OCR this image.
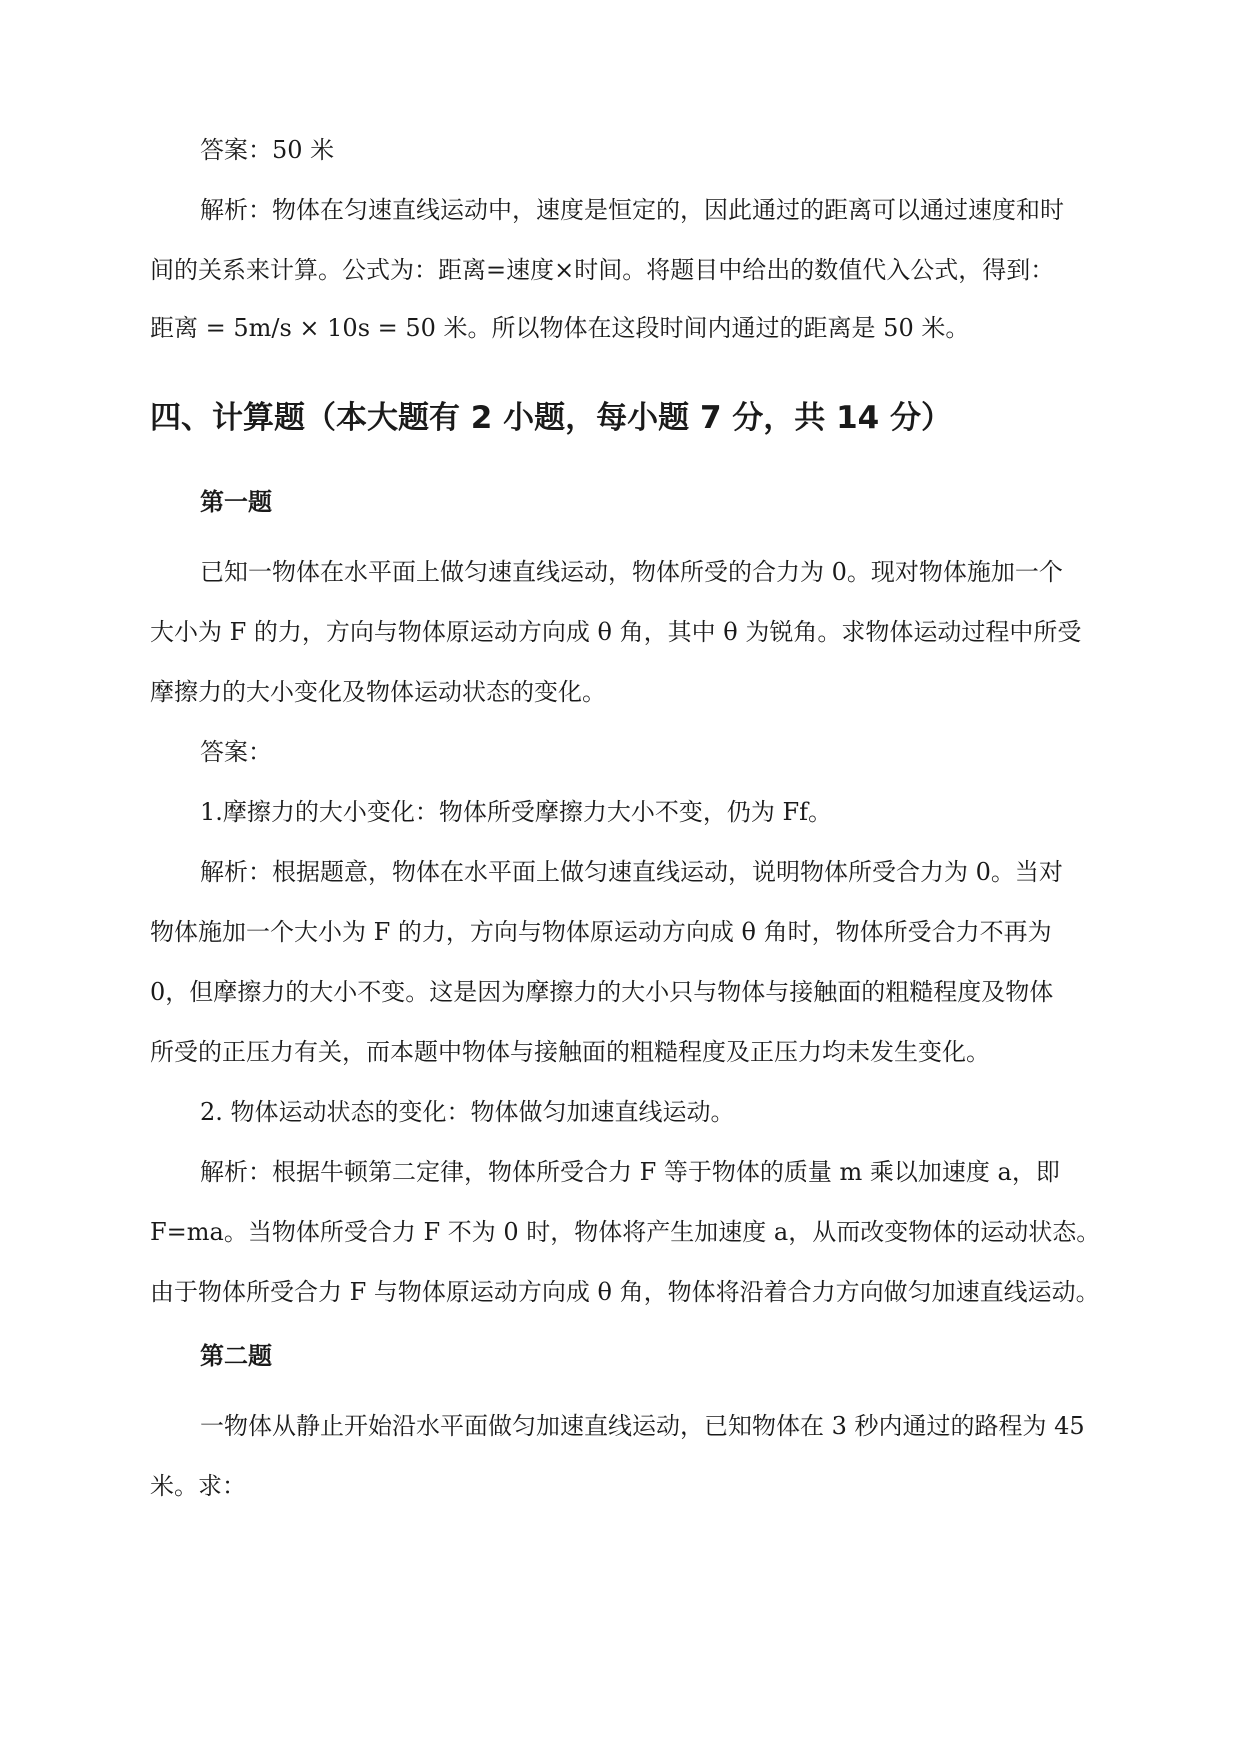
答案：50 米
解析：物体在匀速直线运动中，速度是恒定的，因此通过的距离可以通过速度和时
间的关系来计算。公式为：距离=速度×时间。将题目中给出的数值代入公式，得到：
距离 = 5m/s × 10s = 50 米。所以物体在这段时间内通过的距离是 50 米。
四、计算题（本大题有 2 小题，每小题 7 分，共 14 分）
第一题
已知一物体在水平面上做匀速直线运动，物体所受的合力为 0。现对物体施加一个
大小为 F 的力，方向与物体原运动方向成 θ 角，其中 θ 为锐角。求物体运动过程中所受
摩擦力的大小变化及物体运动状态的变化。
答案：
1.摩擦力的大小变化：物体所受摩擦力大小不变，仍为 Ff。
解析：根据题意，物体在水平面上做匀速直线运动，说明物体所受合力为 0。当对
物体施加一个大小为 F 的力，方向与物体原运动方向成 θ 角时，物体所受合力不再为
0，但摩擦力的大小不变。这是因为摩擦力的大小只与物体与接触面的粗糙程度及物体
所受的正压力有关，而本题中物体与接触面的粗糙程度及正压力均未发生变化。
2. 物体运动状态的变化：物体做匀加速直线运动。
解析：根据牛顿第二定律，物体所受合力 F 等于物体的质量 m 乘以加速度 a，即
F=ma。当物体所受合力 F 不为 0 时，物体将产生加速度 a，从而改变物体的运动状态。
由于物体所受合力 F 与物体原运动方向成 θ 角，物体将沿着合力方向做匀加速直线运动。
第二题
一物体从静止开始沿水平面做匀加速直线运动，已知物体在 3 秒内通过的路程为 45
米。求：
